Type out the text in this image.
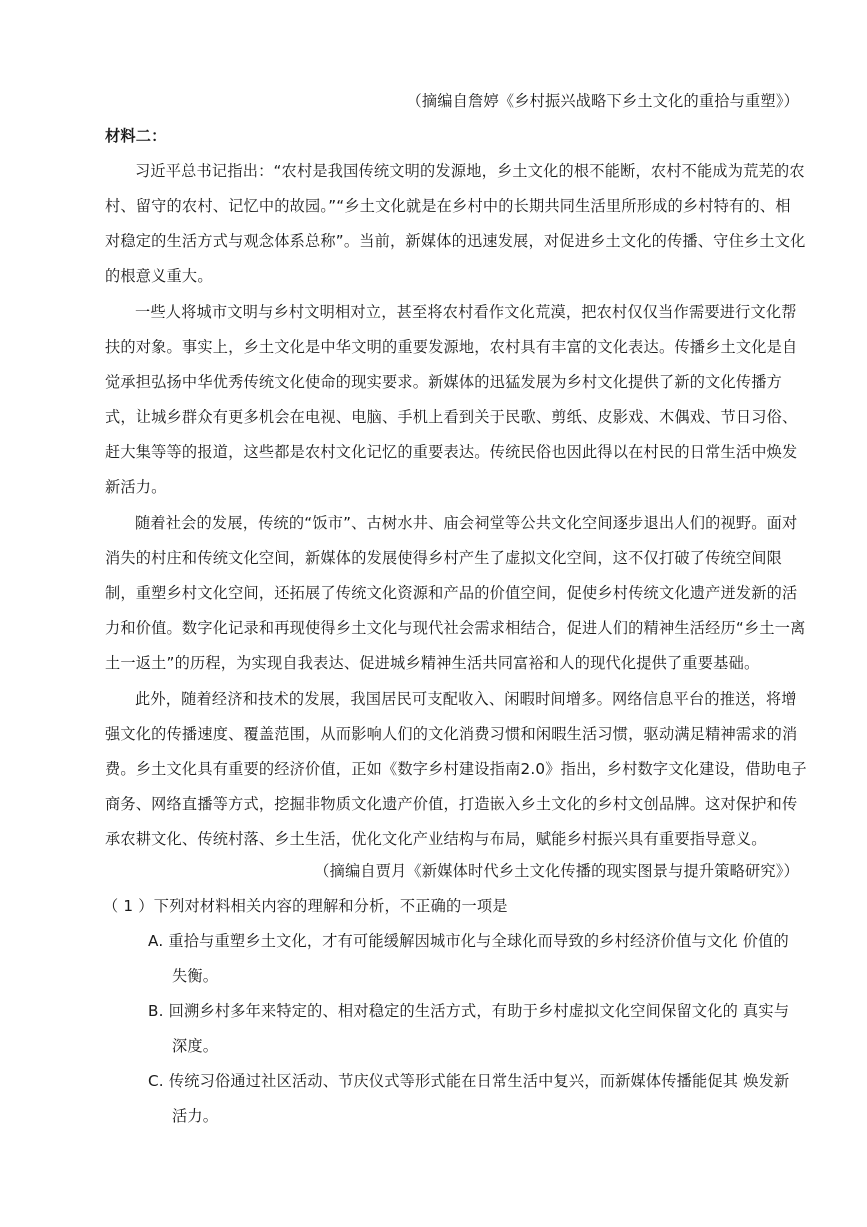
（摘编自詹婷《乡村振兴战略下乡土文化的重拾与重塑》）
材料二：
习近平总书记指出：“农村是我国传统文明的发源地，乡土文化的根不能断，农村不能成为荒芜的农
村、留守的农村、记忆中的故园。”“乡土文化就是在乡村中的长期共同生活里所形成的乡村特有的、相
对稳定的生活方式与观念体系总称”。当前，新媒体的迅速发展，对促进乡土文化的传播、守住乡土文化
的根意义重大。
一些人将城市文明与乡村文明相对立，甚至将农村看作文化荒漠，把农村仅仅当作需要进行文化帮
扶的对象。事实上，乡土文化是中华文明的重要发源地，农村具有丰富的文化表达。传播乡土文化是自
觉承担弘扬中华优秀传统文化使命的现实要求。新媒体的迅猛发展为乡村文化提供了新的文化传播方
式，让城乡群众有更多机会在电视、电脑、手机上看到关于民歌、剪纸、皮影戏、木偶戏、节日习俗、
赶大集等等的报道，这些都是农村文化记忆的重要表达。传统民俗也因此得以在村民的日常生活中焕发
新活力。
随着社会的发展，传统的“饭市”、古树水井、庙会祠堂等公共文化空间逐步退出人们的视野。面对
消失的村庄和传统文化空间，新媒体的发展使得乡村产生了虚拟文化空间，这不仅打破了传统空间限
制，重塑乡村文化空间，还拓展了传统文化资源和产品的价值空间，促使乡村传统文化遗产迸发新的活
力和价值。数字化记录和再现使得乡土文化与现代社会需求相结合，促进人们的精神生活经历“乡土一离
土一返土”的历程，为实现自我表达、促进城乡精神生活共同富裕和人的现代化提供了重要基础。
此外，随着经济和技术的发展，我国居民可支配收入、闲暇时间增多。网络信息平台的推送，将增
强文化的传播速度、覆盖范围，从而影响人们的文化消费习惯和闲暇生活习惯，驱动满足精神需求的消
费。乡土文化具有重要的经济价值，正如《数字乡村建设指南2.0》指出，乡村数字文化建设，借助电子
商务、网络直播等方式，挖掘非物质文化遗产价值，打造嵌入乡土文化的乡村文创品牌。这对保护和传
承农耕文化、传统村落、乡土生活，优化文化产业结构与布局，赋能乡村振兴具有重要指导意义。
（摘编自贾月《新媒体时代乡土文化传播的现实图景与提升策略研究》）
（ 1 ）下列对材料相关内容的理解和分析，不正确的一项是
A. 重拾与重塑乡土文化，才有可能缓解因城市化与全球化而导致的乡村经济价值与文化 价值的
失衡。
B. 回溯乡村多年来特定的、相对稳定的生活方式，有助于乡村虚拟文化空间保留文化的 真实与
深度。
C. 传统习俗通过社区活动、节庆仪式等形式能在日常生活中复兴，而新媒体传播能促其 焕发新
活力。
